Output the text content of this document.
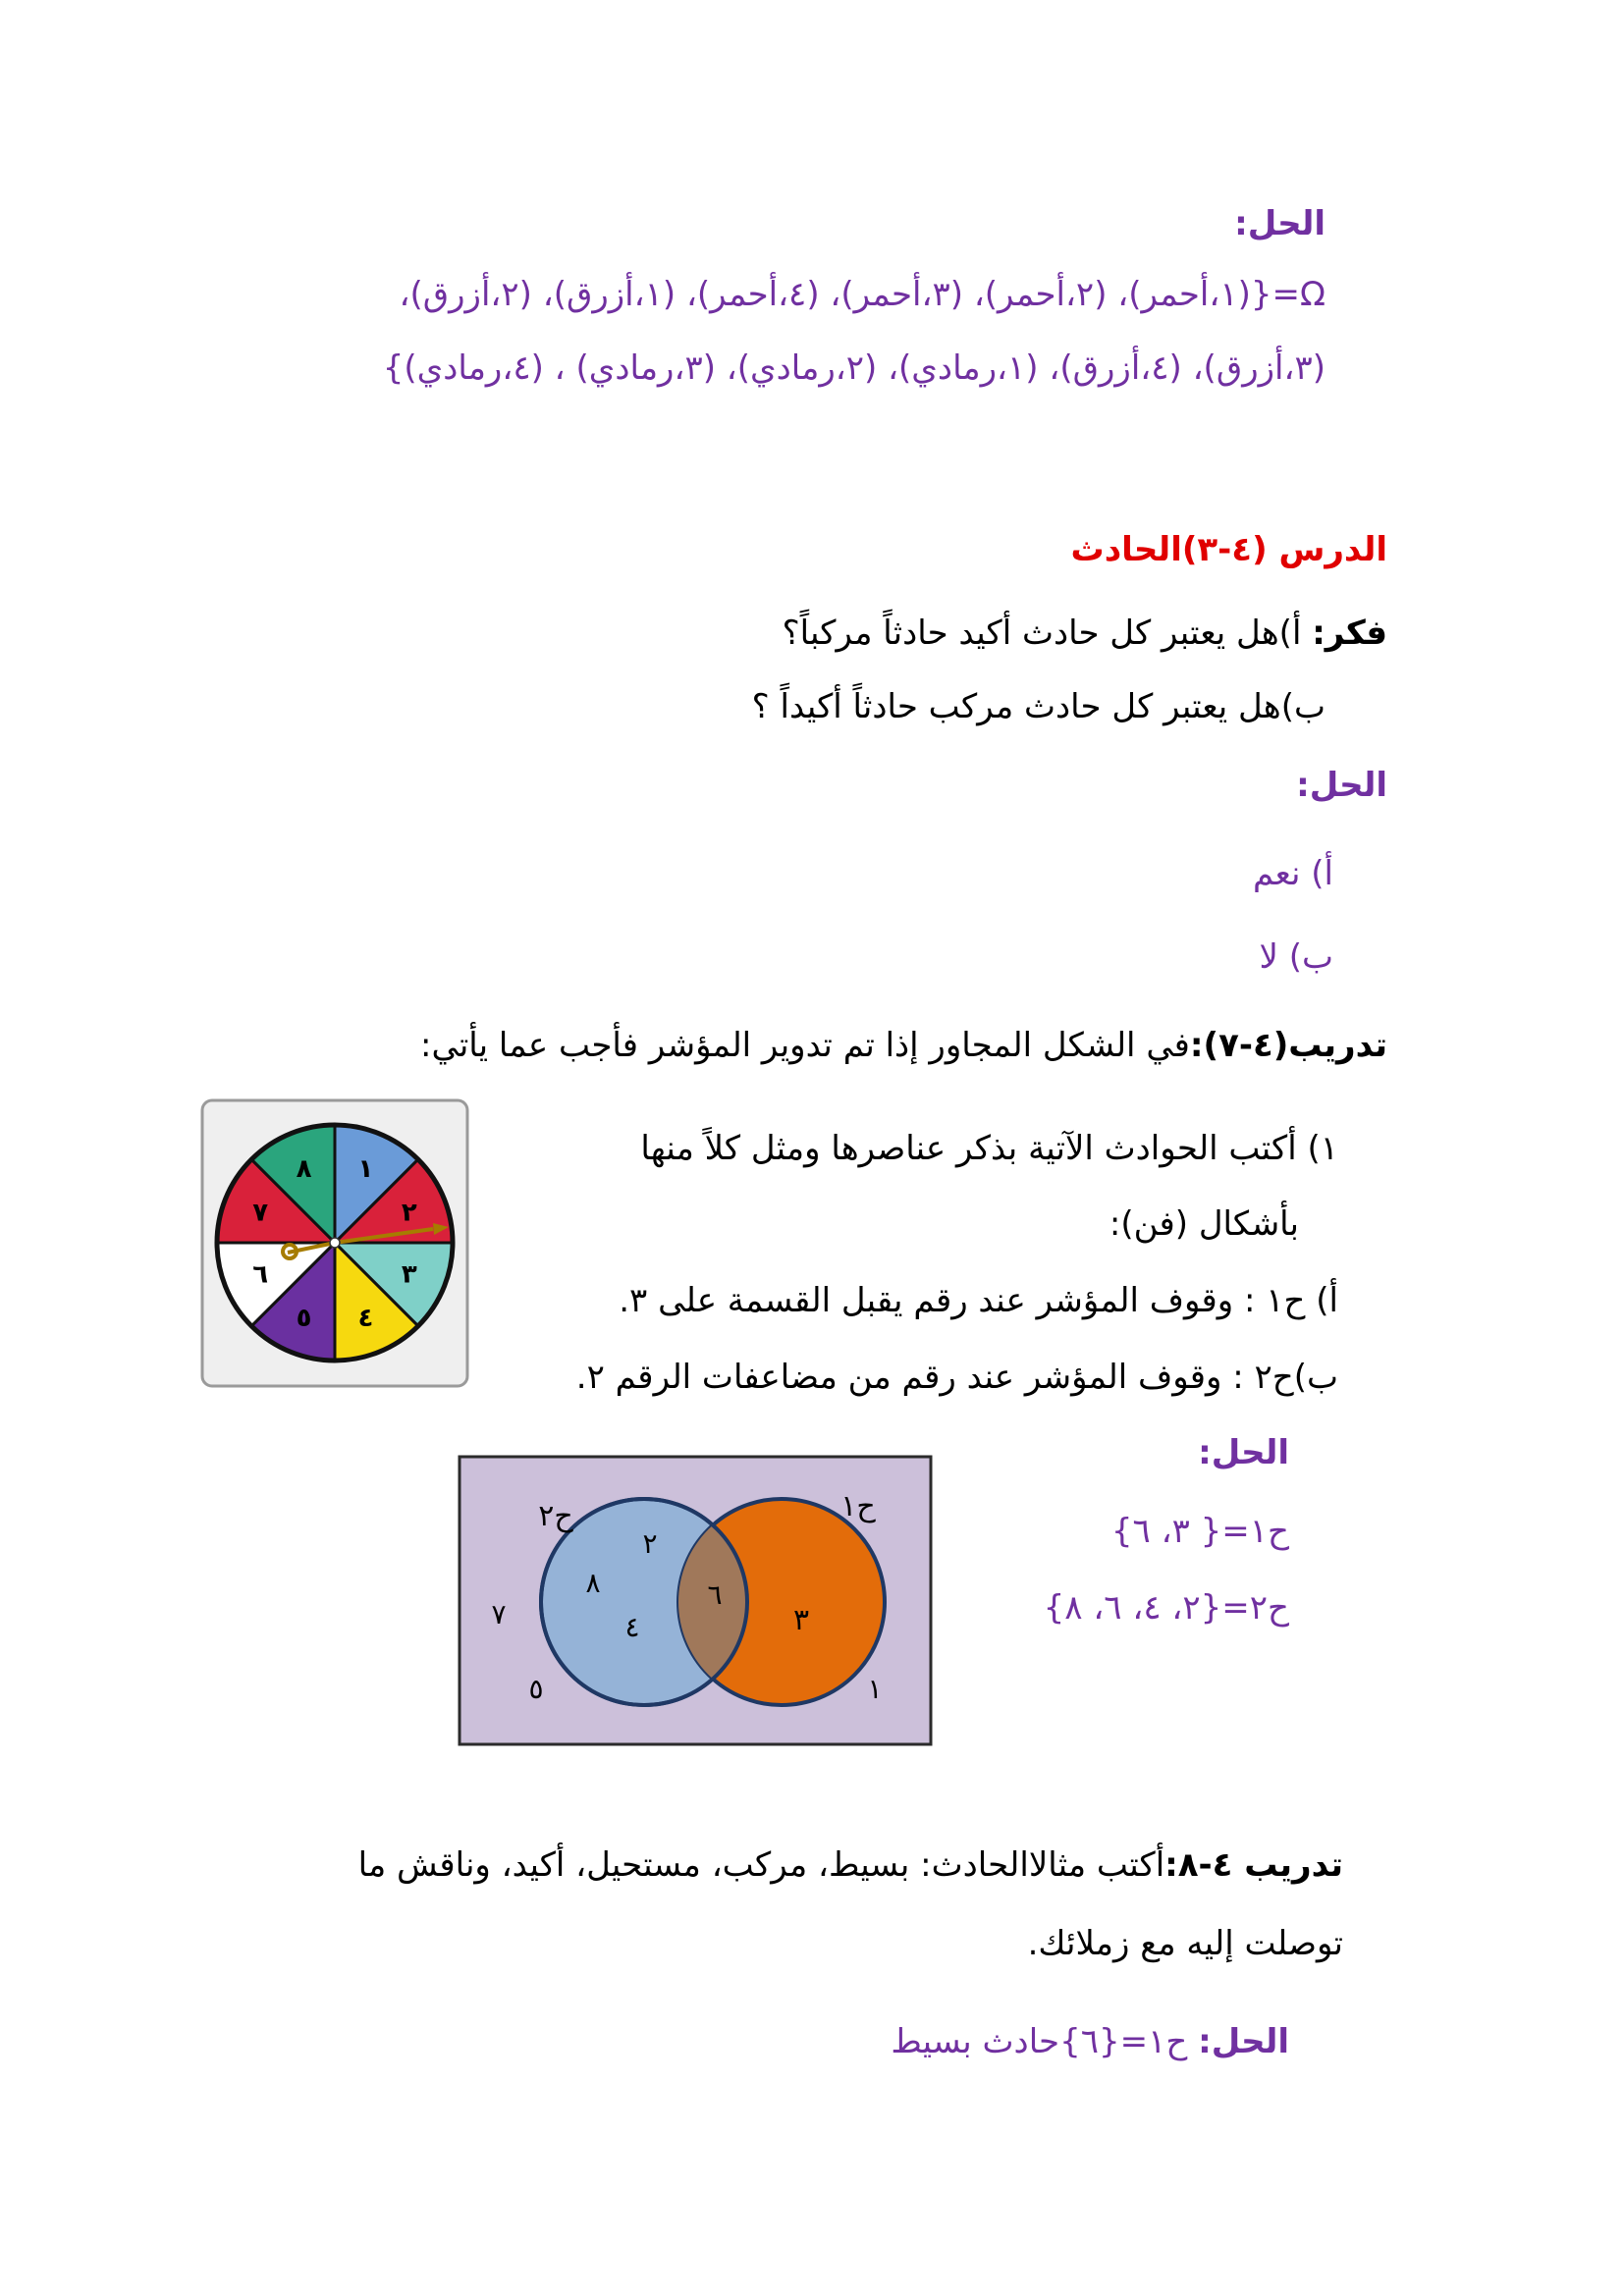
الحل:
Ω={(١،أحمر)، (٢،أحمر)، (٣،أحمر)، (٤،أحمر)، (١،أزرق)، (٢،أزرق)،
(٣،أزرق)، (٤،أزرق)، (١،رمادي)، (٢،رمادي)، (٣،رمادي) ، (٤،رمادي)}
الدرس (٤-٣)الحادث
فكر: أ)هل يعتبر كل حادث أكيد حادثاً مركباً؟
ب)هل يعتبر كل حادث مركب حادثاً أكيداً ؟
الحل:
أ) نعم
ب) لا
تدريب(٤-٧):في الشكل المجاور إذا تم تدوير المؤشر فأجب عما يأتي:
١) أكتب الحوادث الآتية بذكر عناصرها ومثل كلاً منها
بأشكال (فن):
أ) ح١ : وقوف المؤشر عند رقم يقبل القسمة على ٣.
ب)ح٢ : وقوف المؤشر عند رقم من مضاعفات الرقم ٢.
الحل:
ح١={ ٣، ٦}
ح٢={٢، ٤، ٦، ٨}
١
٢
٣
٤
٥
٦
٧
٨
ح٢	ح١
٢
٨
٤
٦
٣
٧
٥	١
تدريب ٤-٨:أكتب مثالاالحادث: بسيط، مركب، مستحيل، أكيد، وناقش ما
توصلت إليه مع زملائك.
الحل: ح١={٦}حادث بسيط
